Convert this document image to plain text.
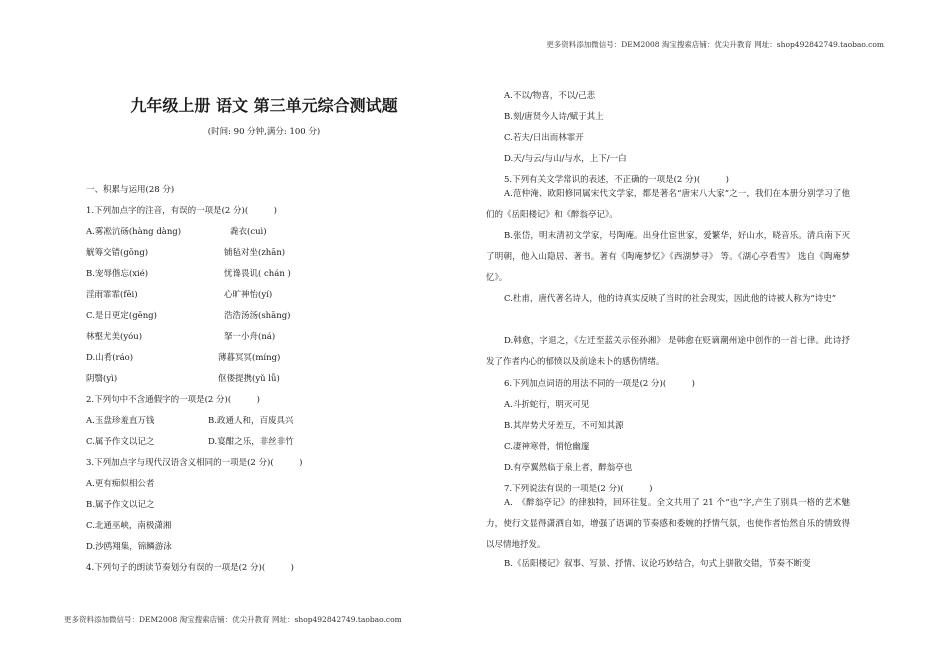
更多资料添加微信号：DEM2008 淘宝搜索店铺：优尖升教育 网址：shop492842749.taobao.com
九年级上册 语文 第三单元综合测试题
(时间: 90 分钟,满分: 100 分)
一、积累与运用(28 分)
1.下列加点字的注音，有误的一项是(2 分)(　　　)
A.雾凇沆砀(hàng dàng)	毳衣(cuì)
觥筹交错(gōng)	铺毡对坐(zhān)
B.宠辱偕忘(xié)	忧谗畏讥( chán )
淫雨霏霏(fēi)	心旷神怡(yí)
C.是日更定(gēng)	浩浩汤汤(shāng)
林壑尤美(yóu)	拏一小舟(ná)
D.山肴(ráo)	薄暮冥冥(míng)
阴翳(yì)	伛偻提携(yǔ lǚ)
2.下列句中不含通假字的一项是(2 分)(　　　)
A.玉盘珍羞直万钱	B.政通人和，百废具兴
C.属予作文以记之	D.宴酣之乐，非丝非竹
3.下列加点字与现代汉语含义相同的一项是(2 分)(　　　)
A.更有痴似相公者
B.属予作文以记之
C.北通巫峡，南极潇湘
D.沙鸥翔集，锦鳞游泳
4.下列句子的朗读节奏划分有误的一项是(2 分)(　　　)
A.不以/物喜，不以/己悲
B.刻/唐贤今人诗/赋于其上
C.若夫/日出而林霏开
D.天/与云/与山/与水，上下/一白
5.下列有关文学常识的表述，不正确的一项是(2 分)(　　　)
A.范仲淹、欧阳修同属宋代文学家，都是著名“唐宋八大家”之一，我们在本册分别学习了他们的《岳阳楼记》和《醉翁亭记》。
B.张岱，明末清初文学家，号陶庵。出身仕宦世家，爱繁华，好山水，晓音乐。清兵南下灭了明朝，他入山隐居、著书。著有《陶庵梦忆》《西湖梦寻》 等。《湖心亭看雪》 选自《陶庵梦忆》。
C.杜甫，唐代著名诗人，他的诗真实反映了当时的社会现实，因此他的诗被人称为“诗史”
D.韩愈，字退之，《左迁至蓝关示侄孙湘》 是韩愈在贬谪潮州途中创作的一首七律。此诗抒发了作者内心的郁愤以及前途未卜的感伤情绪。
6.下列加点词语的用法不同的一项是(2 分)(　　　)
A.斗折蛇行，明灭可见
B.其岸势犬牙差互，不可知其源
C.凄神寒骨，悄怆幽邃
D.有亭翼然临于泉上者，醉翁亭也
7.下列说法有误的一项是(2 分)(　　　)
A.　《醉翁亭记》的律独特，回环往复。全文共用了 21 个“也”字,产生了别具一格的艺术魅力，使行文显得潇洒自如，增强了语调的节奏感和委婉的抒情气氛，也使作者怡然自乐的情致得以尽情地抒发。
B.《岳阳楼记》叙事、写景、抒情、议论巧妙结合，句式上骈散交错，节奏不断变
更多资料添加微信号：DEM2008 淘宝搜索店铺：优尖升教育 网址：shop492842749.taobao.com
